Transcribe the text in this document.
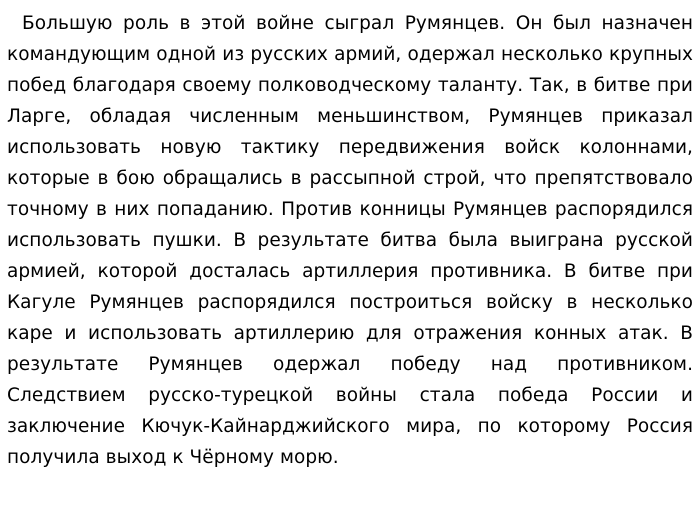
Большую роль в этой войне сыграл Румянцев. Он был назначен командующим одной из русских армий, одержал несколько крупных побед благодаря своему полководческому таланту. Так, в битве при Ларге, обладая численным меньшинством, Румянцев приказал использовать новую тактику передвижения войск колоннами, которые в бою обращались в рассыпной строй, что препятствовало точному в них попаданию. Против конницы Румянцев распорядился использовать пушки. В результате битва была выиграна русской армией, которой досталась артиллерия противника. В битве при Кагуле Румянцев распорядился построиться войску в несколько каре и использовать артиллерию для отражения конных атак. В результате Румянцев одержал победу над противником. Следствием русско-турецкой войны стала победа России и заключение Кючук-Кайнарджийского мира, по которому Россия получила выход к Чёрному морю.
